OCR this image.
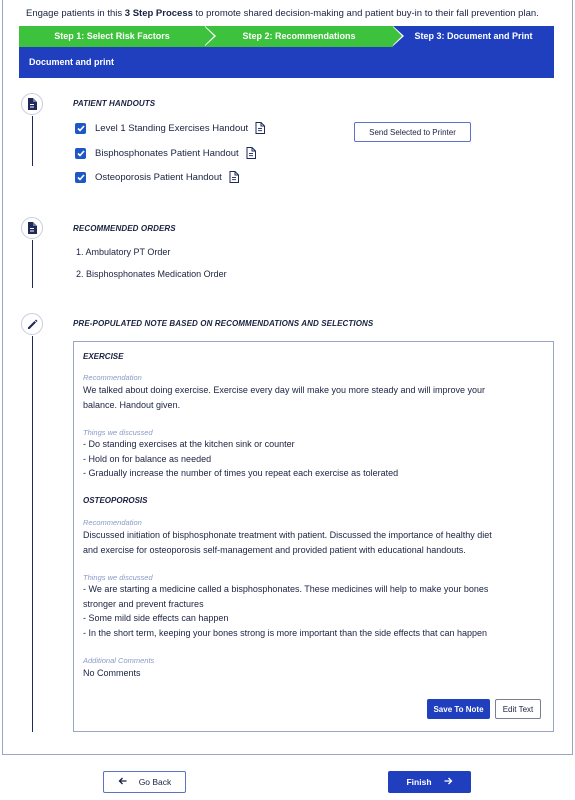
Engage patients in this 3 Step Process to promote shared decision-making and patient buy-in to their fall prevention plan.
Step 1: Select Risk Factors	Step 2: Recommendations	Step 3: Document and Print
Document and print
PATIENT HANDOUTS
Level 1 Standing Exercises Handout
Bisphosphonates Patient Handout
Osteoporosis Patient Handout
Send Selected to Printer
RECOMMENDED ORDERS
1. Ambulatory PT Order
2. Bisphosphonates Medication Order
PRE-POPULATED NOTE BASED ON RECOMMENDATIONS AND SELECTIONS
EXERCISE
Recommendation
We talked about doing exercise. Exercise every day will make you more steady and will improve your
balance. Handout given.
Things we discussed
- Do standing exercises at the kitchen sink or counter
- Hold on for balance as needed
- Gradually increase the number of times you repeat each exercise as tolerated
OSTEOPOROSIS
Recommendation
Discussed initiation of bisphosphonate treatment with patient. Discussed the importance of healthy diet
and exercise for osteoporosis self-management and provided patient with educational handouts.
Things we discussed
- We are starting a medicine called a bisphosphonates. These medicines will help to make your bones
stronger and prevent fractures
- Some mild side effects can happen
- In the short term, keeping your bones strong is more important than the side effects that can happen
Additional Comments
No Comments
Save To Note	Edit Text
Go Back	Finish
